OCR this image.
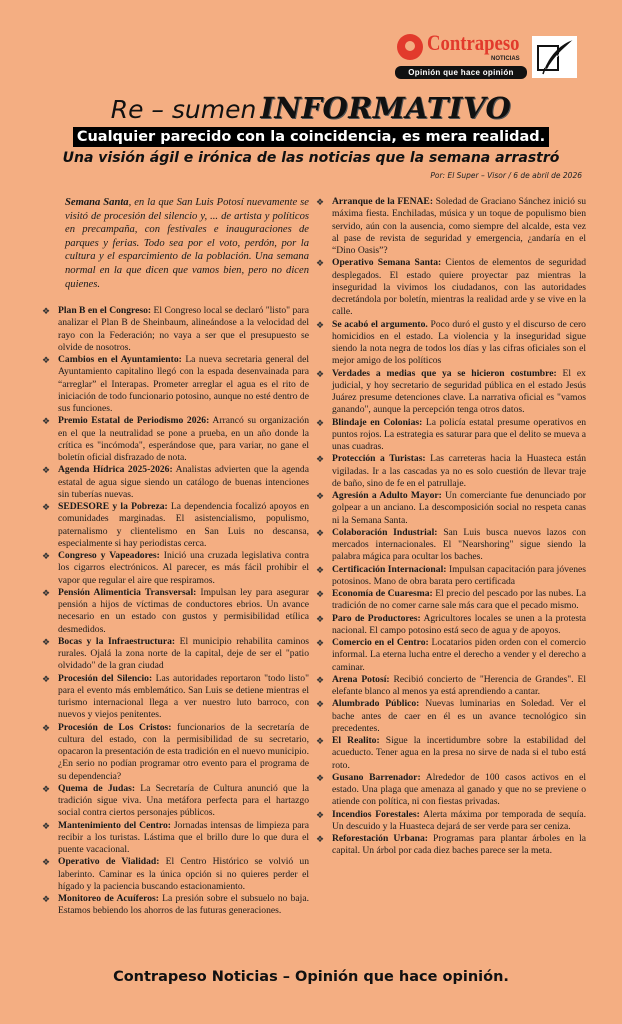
Contrapeso
NOTICIAS
Opinión que hace opinión
Re – sumen INFORMATIVO
Cualquier parecido con la coincidencia, es mera realidad.
Una visión ágil e irónica de las noticias que la semana arrastró
Por: El Super – Visor / 6 de abril de 2026

Semana Santa, en la que San Luis Potosí nuevamente se visitó de procesión del silencio y, ... de artista y políticos en precampaña, con festivales e inauguraciones de parques y ferias. Todo sea por el voto, perdón, por la cultura y el esparcimiento de la población. Una semana normal en la que dicen que vamos bien, pero no dicen quienes.

❖ Plan B en el Congreso: El Congreso local se declaró "listo" para analizar el Plan B de Sheinbaum, alineándose a la velocidad del rayo con la Federación; no vaya a ser que el presupuesto se olvide de nosotros.
❖ Cambios en el Ayuntamiento: La nueva secretaria general del Ayuntamiento capitalino llegó con la espada desenvainada para “arreglar” el Interapas. Prometer arreglar el agua es el rito de iniciación de todo funcionario potosino, aunque no esté dentro de sus funciones.
❖ Premio Estatal de Periodismo 2026: Arrancó su organización en el que la neutralidad se pone a prueba, en un año donde la crítica es "incómoda", esperándose que, para variar, no gane el boletín oficial disfrazado de nota.
❖ Agenda Hídrica 2025-2026: Analistas advierten que la agenda estatal de agua sigue siendo un catálogo de buenas intenciones sin tuberías nuevas.
❖ SEDESORE y la Pobreza: La dependencia focalizó apoyos en comunidades marginadas. El asistencialismo, populismo, paternalismo y clientelismo en San Luis no descansa, especialmente si hay periodistas cerca.
❖ Congreso y Vapeadores: Inició una cruzada legislativa contra los cigarros electrónicos. Al parecer, es más fácil prohibir el vapor que regular el aire que respiramos.
❖ Pensión Alimenticia Transversal: Impulsan ley para asegurar pensión a hijos de víctimas de conductores ebrios. Un avance necesario en un estado con gustos y permisibilidad etílica desmedidos.
❖ Bocas y la Infraestructura: El municipio rehabilita caminos rurales. Ojalá la zona norte de la capital, deje de ser el "patio olvidado" de la gran ciudad
❖ Procesión del Silencio: Las autoridades reportaron "todo listo" para el evento más emblemático. San Luis se detiene mientras el turismo internacional llega a ver nuestro luto barroco, con nuevos y viejos penitentes.
❖ Procesión de Los Cristos: funcionarios de la secretaría de cultura del estado, con la permisibilidad de su secretario, opacaron la presentación de esta tradición en el nuevo municipio. ¿En serio no podían programar otro evento para el programa de su dependencia?
❖ Quema de Judas: La Secretaría de Cultura anunció que la tradición sigue viva. Una metáfora perfecta para el hartazgo social contra ciertos personajes públicos.
❖ Mantenimiento del Centro: Jornadas intensas de limpieza para recibir a los turistas. Lástima que el brillo dure lo que dura el puente vacacional.
❖ Operativo de Vialidad: El Centro Histórico se volvió un laberinto. Caminar es la única opción si no quieres perder el hígado y la paciencia buscando estacionamiento.
❖ Monitoreo de Acuíferos: La presión sobre el subsuelo no baja. Estamos bebiendo los ahorros de las futuras generaciones.
❖ Arranque de la FENAE: Soledad de Graciano Sánchez inició su máxima fiesta. Enchiladas, música y un toque de populismo bien servido, aún con la ausencia, como siempre del alcalde, esta vez al pase de revista de seguridad y emergencia, ¿andaría en el “Dino Oasis”?
❖ Operativo Semana Santa: Cientos de elementos de seguridad desplegados. El estado quiere proyectar paz mientras la inseguridad la vivimos los ciudadanos, con las autoridades decretándola por boletín, mientras la realidad arde y se vive en la calle.
❖ Se acabó el argumento. Poco duró el gusto y el discurso de cero homicidios en el estado. La violencia y la inseguridad sigue siendo la nota negra de todos los días y las cifras oficiales son el mejor amigo de los políticos
❖ Verdades a medias que ya se hicieron costumbre: El ex judicial, y hoy secretario de seguridad pública en el estado Jesús Juárez presume detenciones clave. La narrativa oficial es "vamos ganando", aunque la percepción tenga otros datos.
❖ Blindaje en Colonias: La policía estatal presume operativos en puntos rojos. La estrategia es saturar para que el delito se mueva a unas cuadras.
❖ Protección a Turistas: Las carreteras hacia la Huasteca están vigiladas. Ir a las cascadas ya no es solo cuestión de llevar traje de baño, sino de fe en el patrullaje.
❖ Agresión a Adulto Mayor: Un comerciante fue denunciado por golpear a un anciano. La descomposición social no respeta canas ni la Semana Santa.
❖ Colaboración Industrial: San Luis busca nuevos lazos con mercados internacionales. El "Nearshoring" sigue siendo la palabra mágica para ocultar los baches.
❖ Certificación Internacional: Impulsan capacitación para jóvenes potosinos. Mano de obra barata pero certificada
❖ Economía de Cuaresma: El precio del pescado por las nubes. La tradición de no comer carne sale más cara que el pecado mismo.
❖ Paro de Productores: Agricultores locales se unen a la protesta nacional. El campo potosino está seco de agua y de apoyos.
❖ Comercio en el Centro: Locatarios piden orden con el comercio informal. La eterna lucha entre el derecho a vender y el derecho a caminar.
❖ Arena Potosí: Recibió concierto de "Herencia de Grandes". El elefante blanco al menos ya está aprendiendo a cantar.
❖ Alumbrado Público: Nuevas luminarias en Soledad. Ver el bache antes de caer en él es un avance tecnológico sin precedentes.
❖ El Realito: Sigue la incertidumbre sobre la estabilidad del acueducto. Tener agua en la presa no sirve de nada si el tubo está roto.
❖ Gusano Barrenador: Alrededor de 100 casos activos en el estado. Una plaga que amenaza al ganado y que no se previene o atiende con política, ni con fiestas privadas.
❖ Incendios Forestales: Alerta máxima por temporada de sequía. Un descuido y la Huasteca dejará de ser verde para ser ceniza.
❖ Reforestación Urbana: Programas para plantar árboles en la capital. Un árbol por cada diez baches parece ser la meta.
Contrapeso Noticias – Opinión que hace opinión.
